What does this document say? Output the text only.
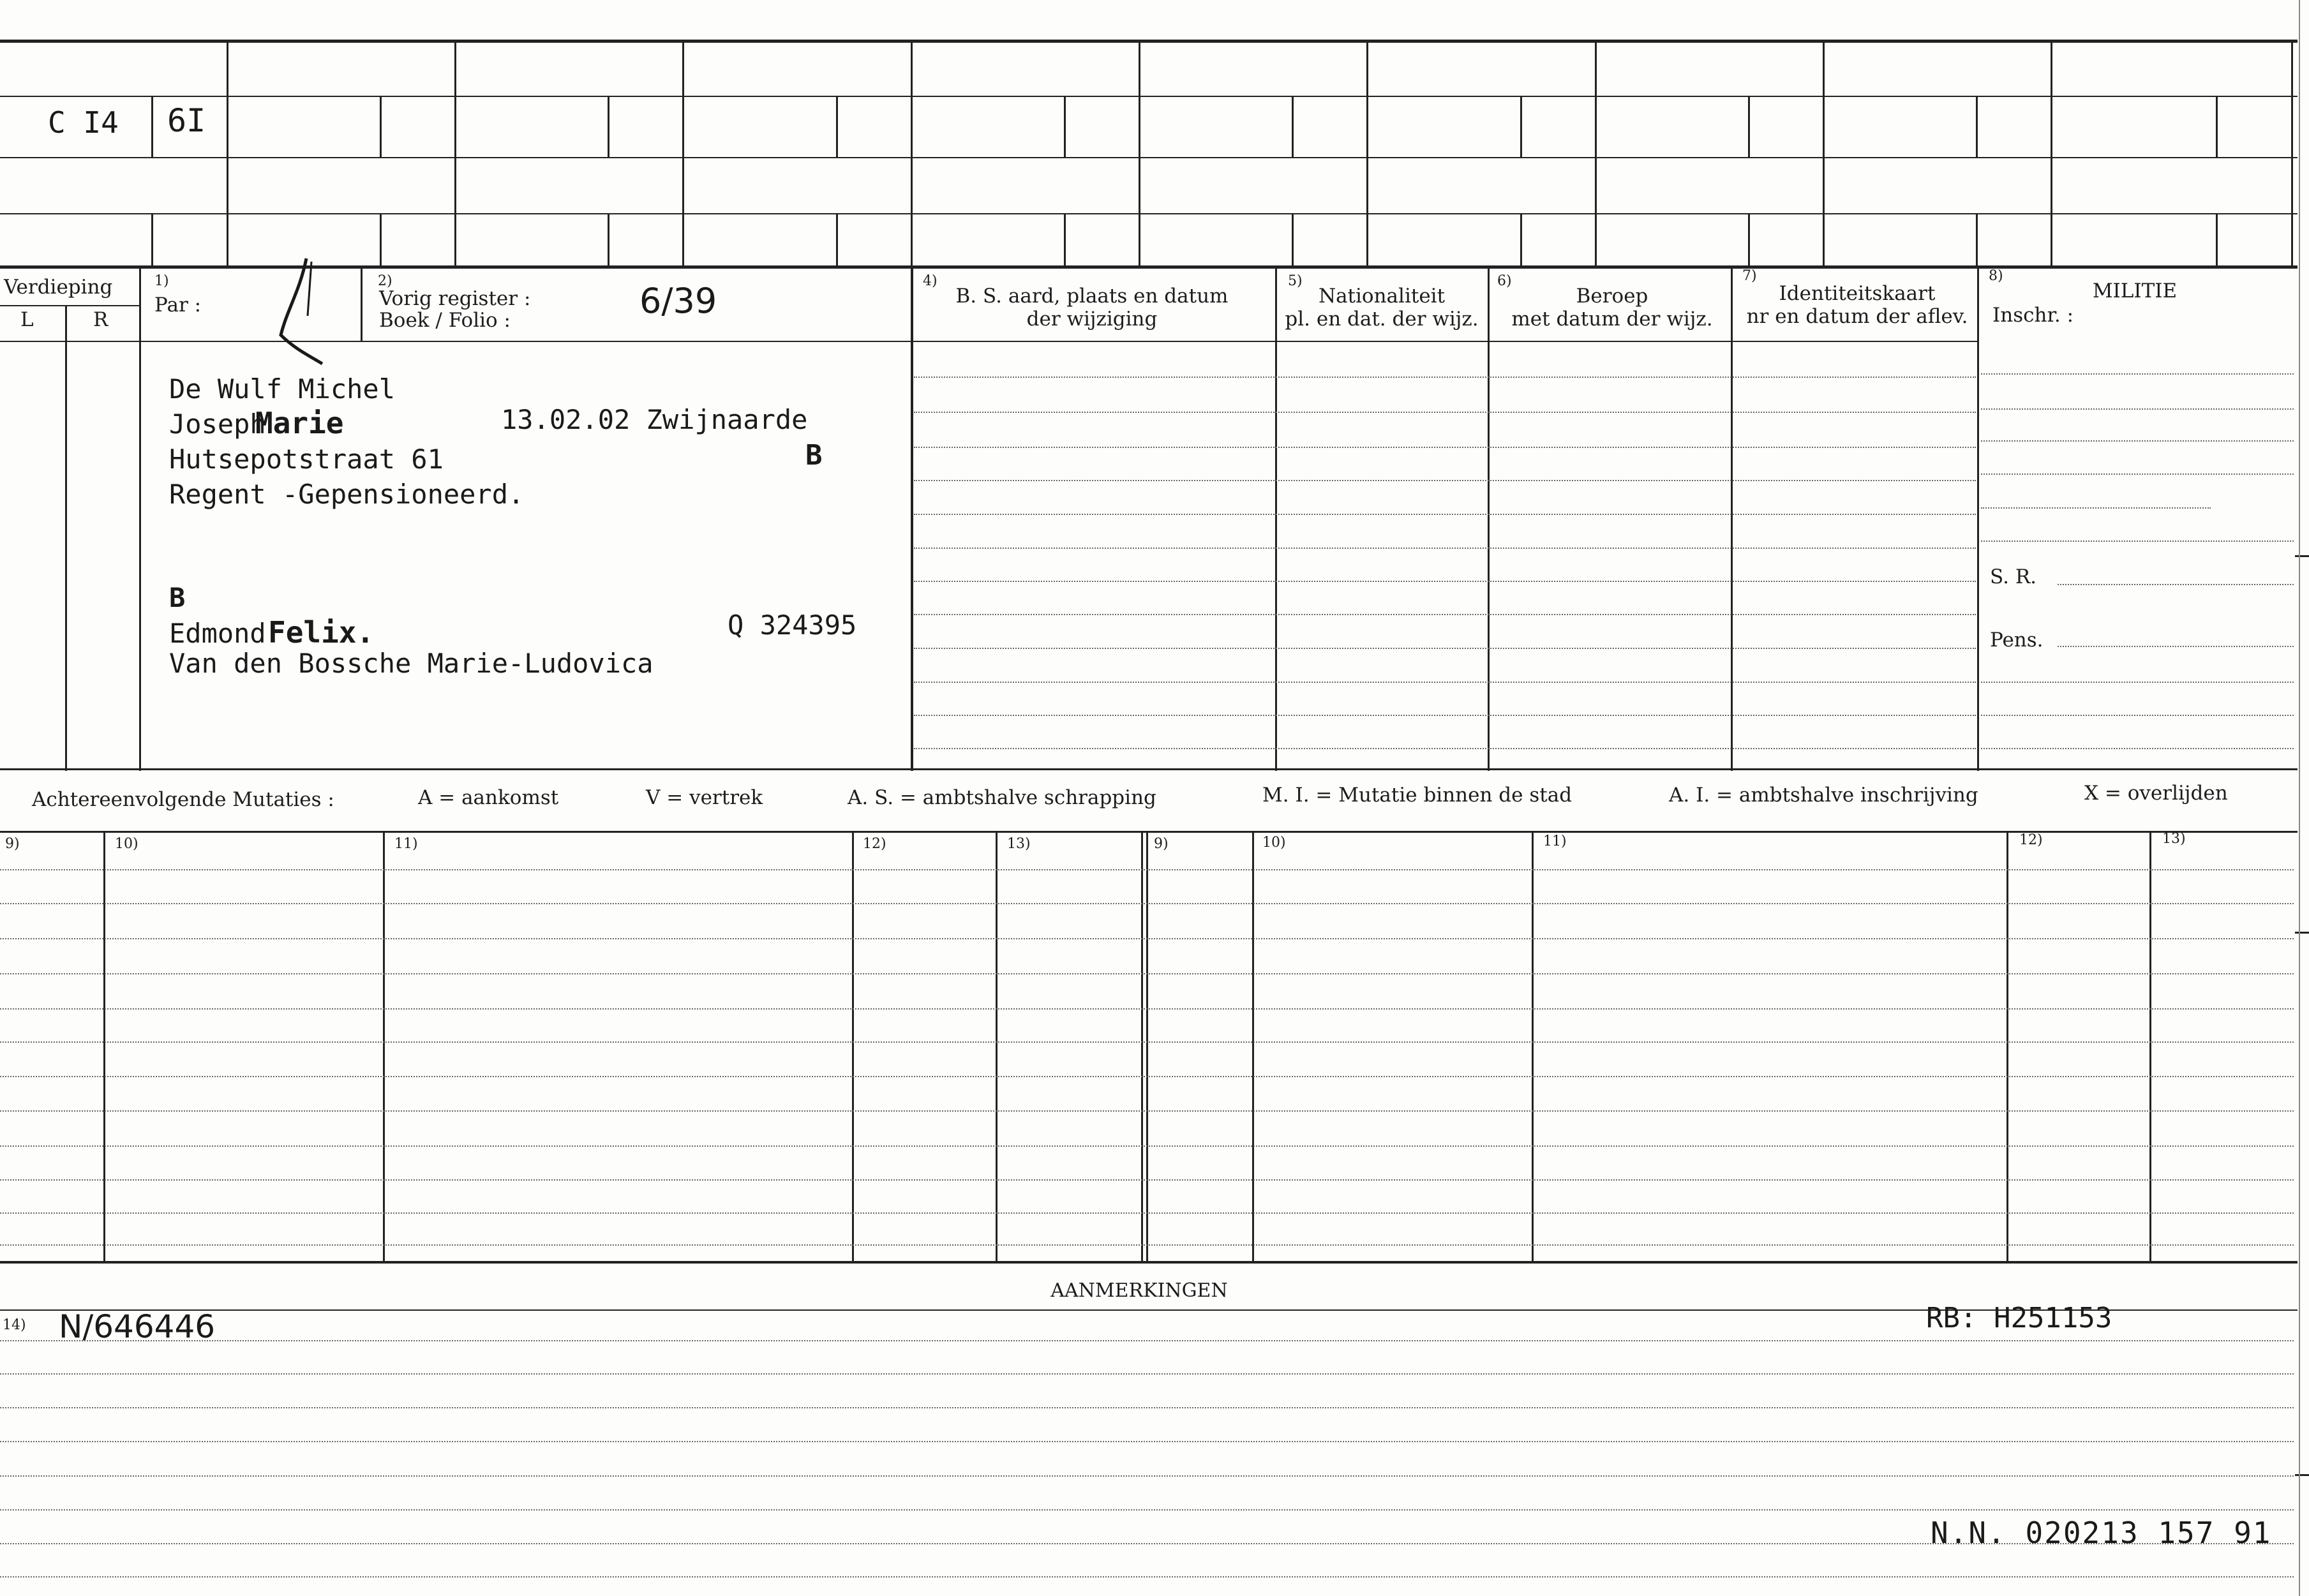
C I4 6I
Verdieping
L	R
1)
Par :
2)
Vorig register :
Boek / Folio :	6/39	4)
B. S. aard, plaats en datum
der wijziging
5)
Nationaliteit
pl. en dat. der wijz.
6)
Beroep
met datum der wijz.
7)
Identiteitskaart
nr en datum der aflev.
8)
MILITIE
Inschr. :
S. R.
Pens.
De Wulf Michel
Joseph
Marie	13.02.02 Zwijnaarde
Hutsepotstraat 61	B
Regent -Gepensioneerd.
B
Edmond Felix.	Q 324395
Van den Bossche Marie-Ludovica
Achtereenvolgende Mutaties :	A = aankomst	V = vertrek	A. S. = ambtshalve schrapping	M. I. = Mutatie binnen de stad	A. I. = ambtshalve inschrijving	X = overlijden
9)	10)	11)	12)	13)	9)	10)	11)	12)	13)
AANMERKINGEN
14) N/646446	RB: H251153
N.N. 020213 157 91
